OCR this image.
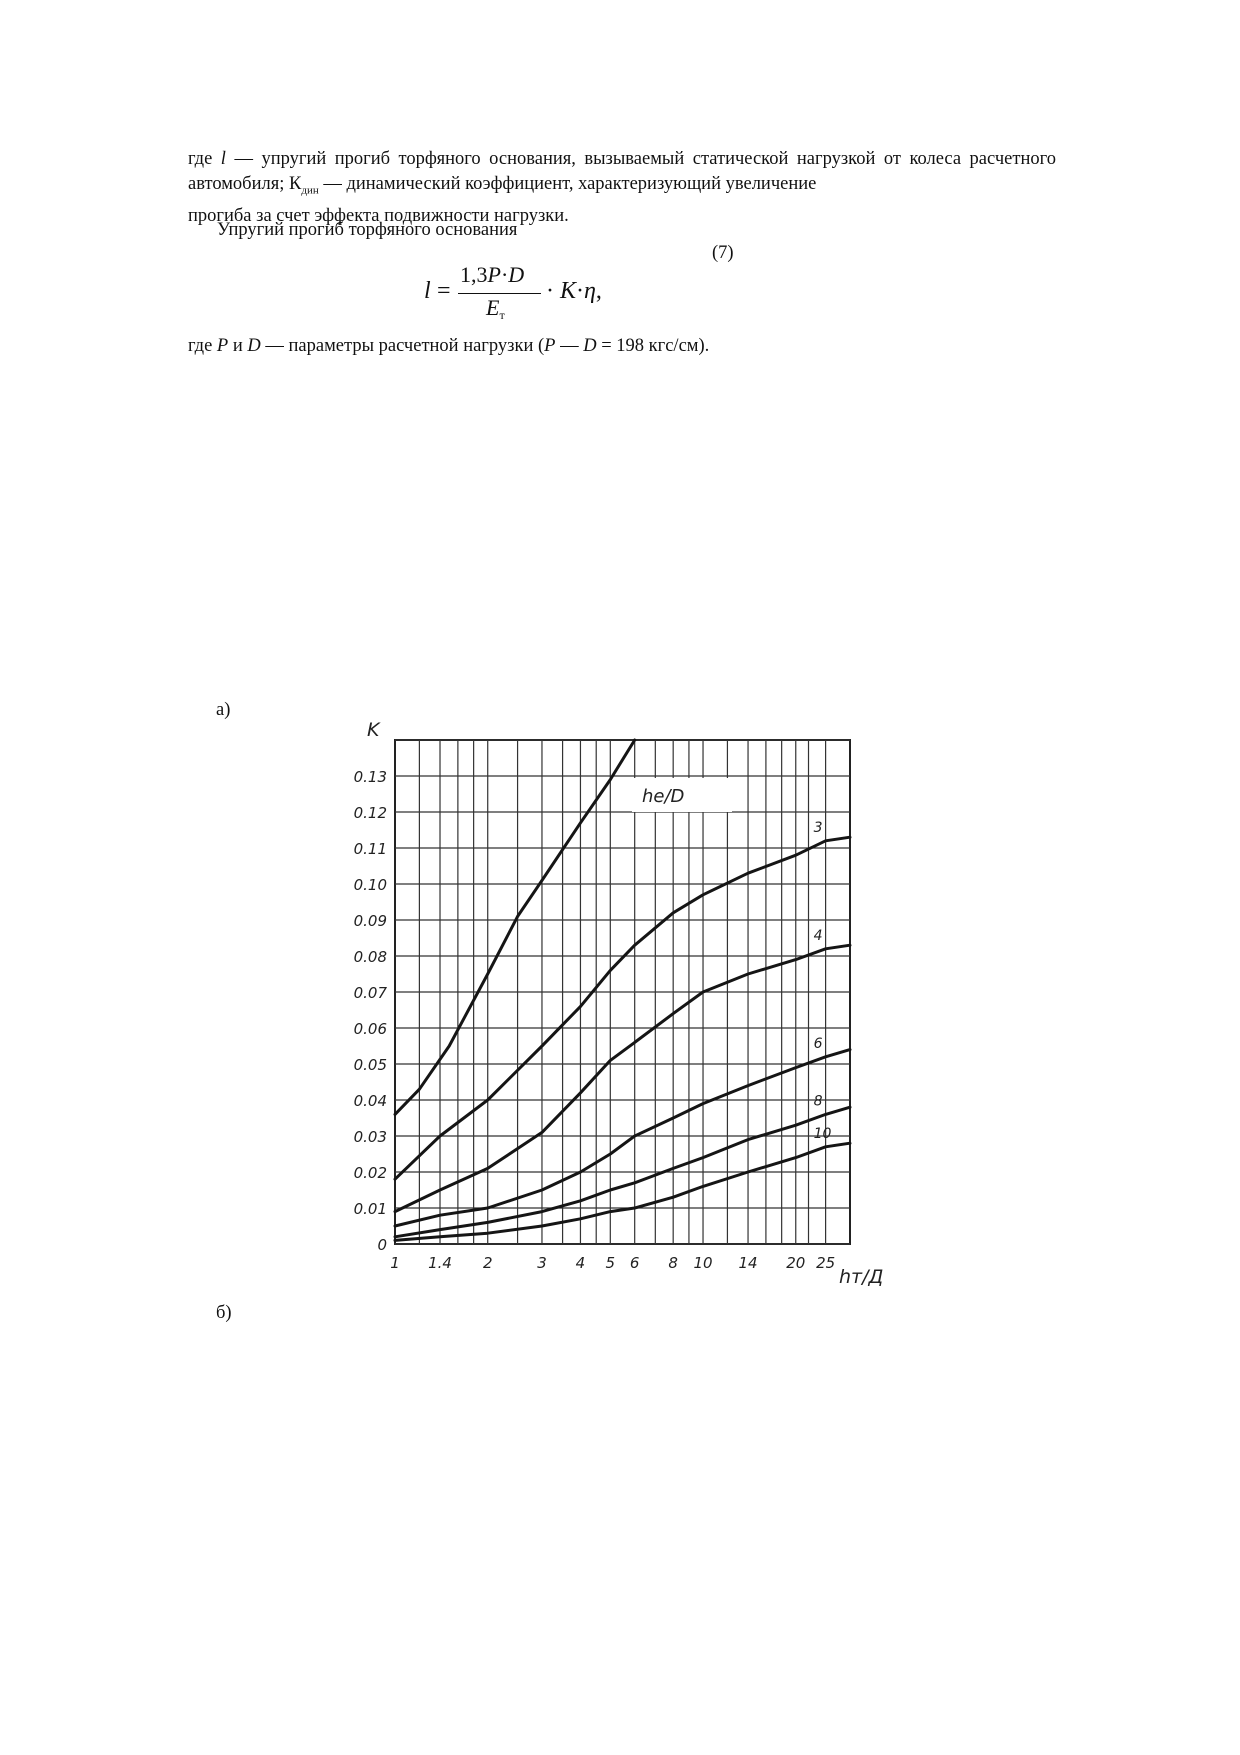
где l — упругий прогиб торфяного основания, вызываемый статической нагрузкой от колеса расчетного автомобиля; $К_{дин}$ — динамический коэффициент, характеризующий увеличение
прогиба за счет эффекта подвижности нагрузки.

Упругий прогиб торфяного основания

(7)
l =
1,3P·D
$E_т$
· K·η,

где P и D — параметры расчетной нагрузки (P — D = 198 кгс/см).

а)
0
0.01
0.02
0.03
0.04
0.05
0.06
0.07
0.08
0.09
0.10
0.11
0.12
0.13
1 1.4 2	3 4 5 6 8 10 14 20 25
3
4
6
8
10
hе/D
K
hт/Д
б)
